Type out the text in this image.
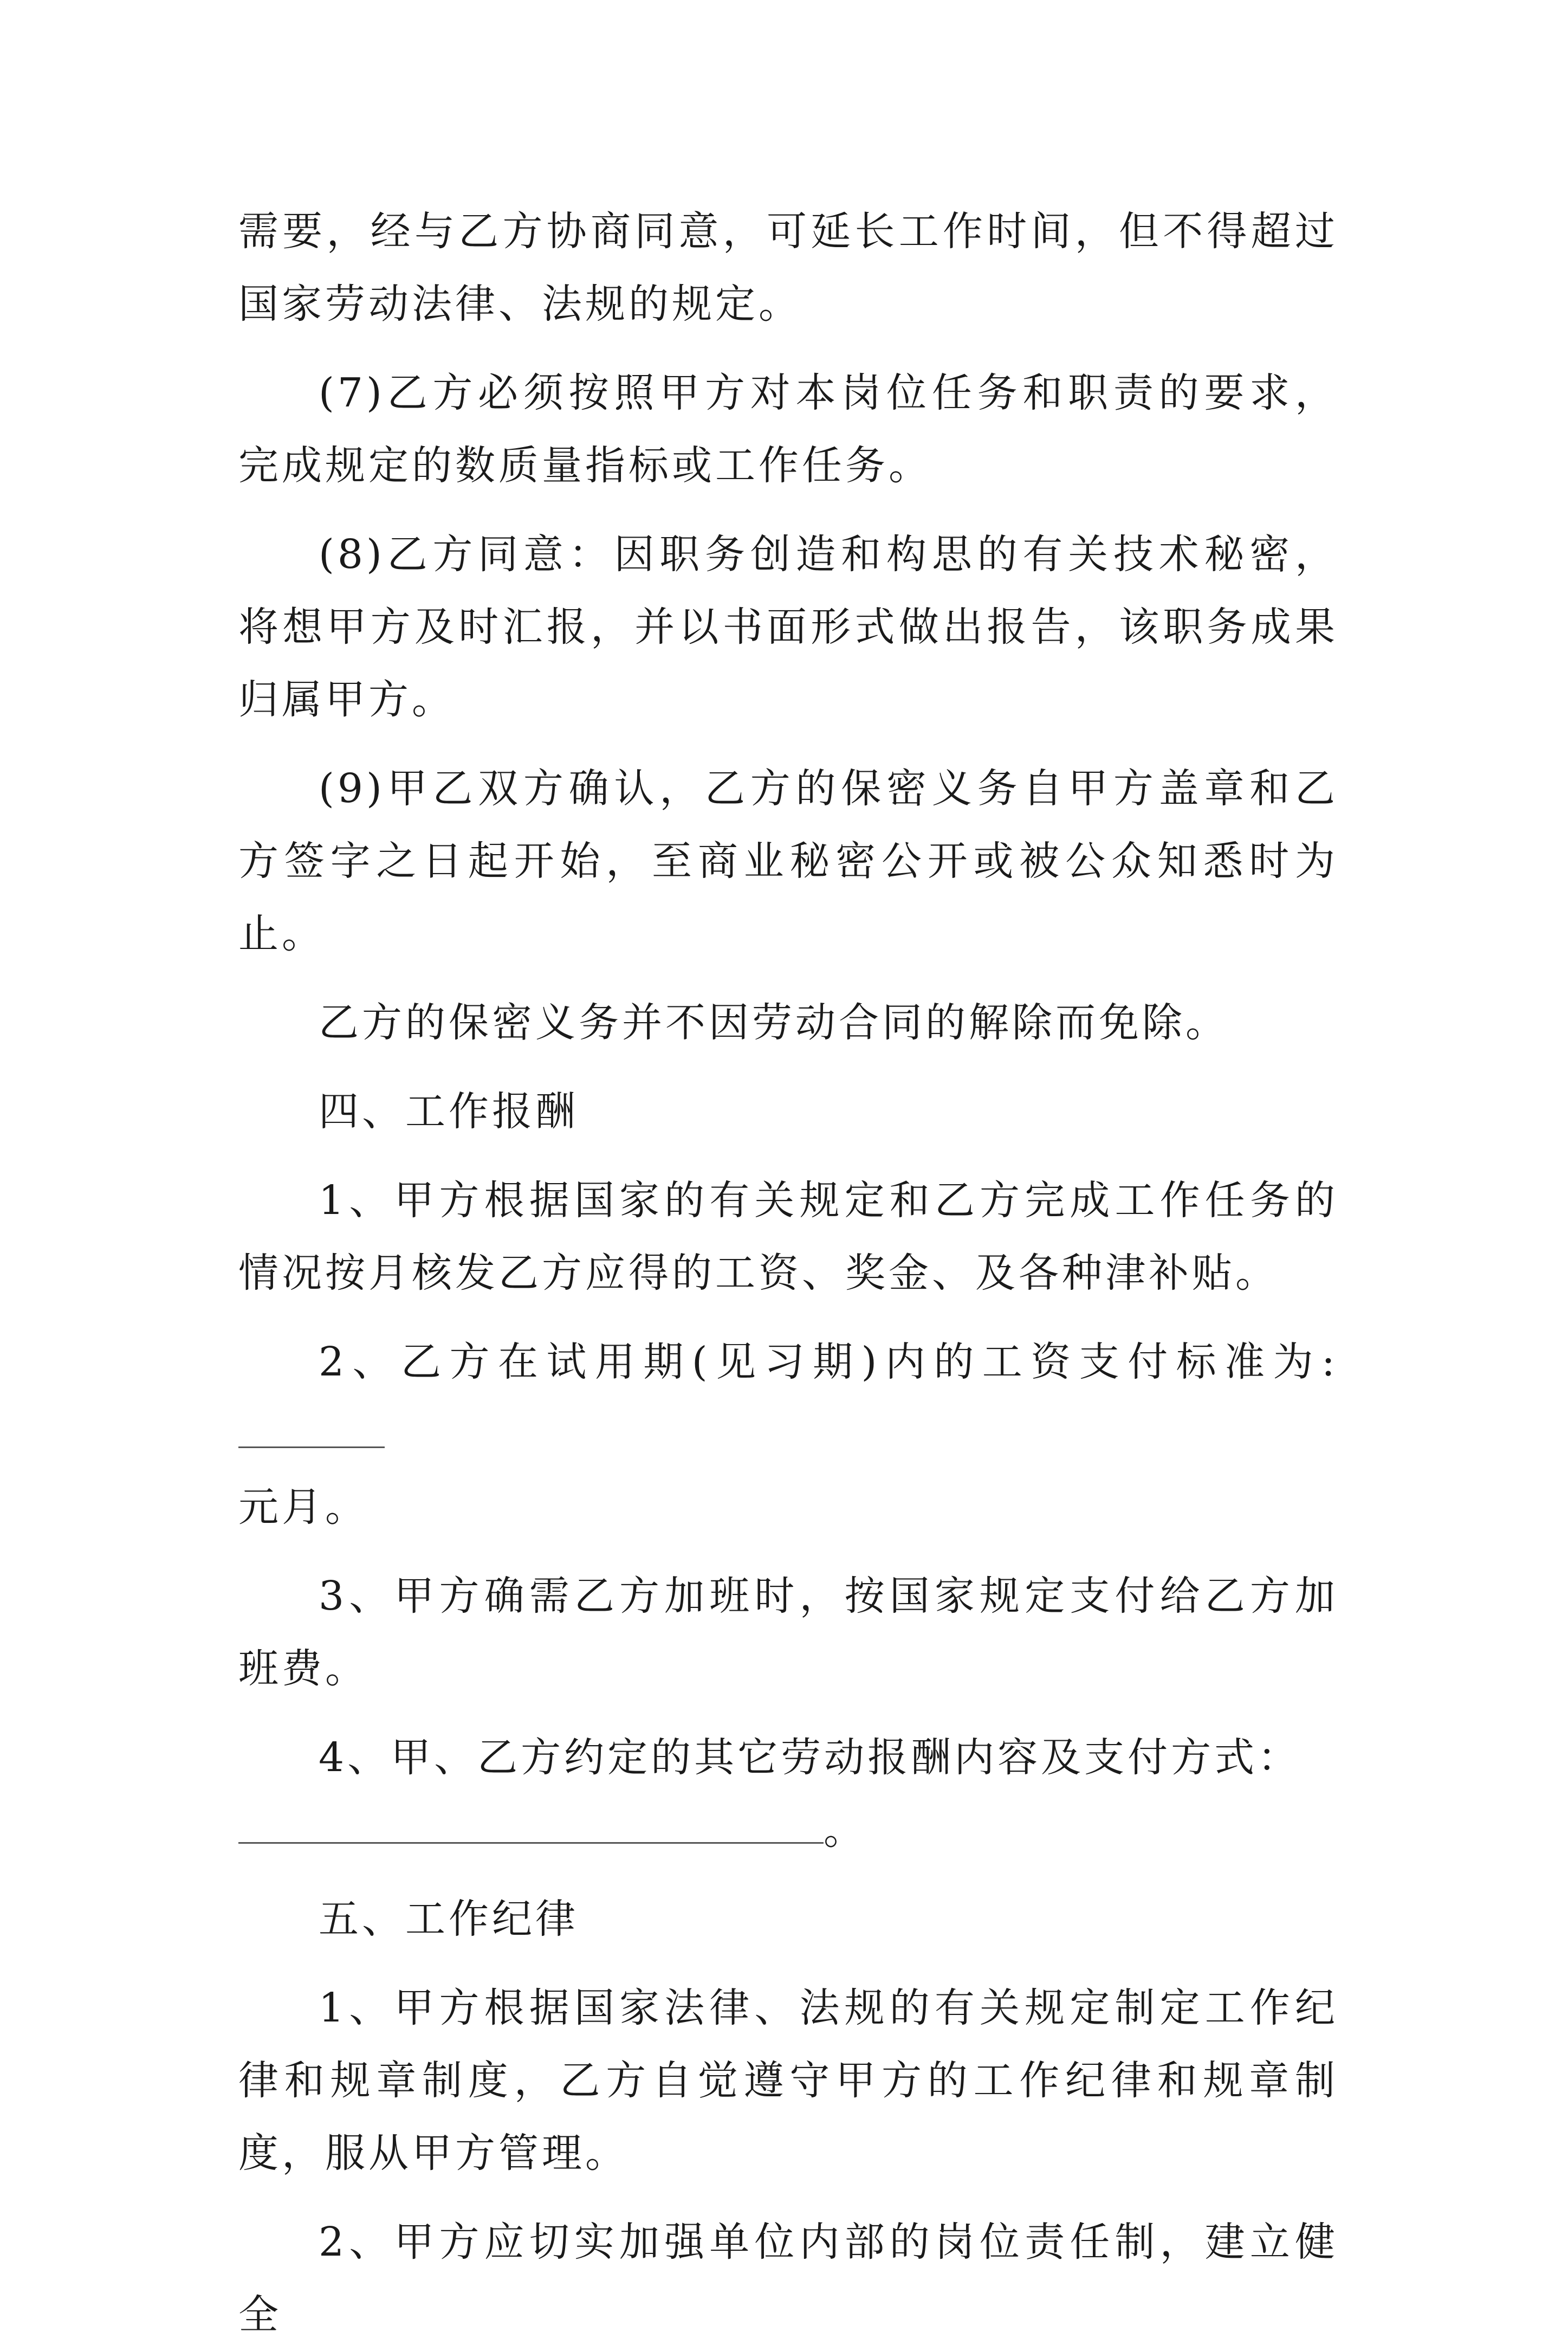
需要，经与乙方协商同意，可延长工作时间，但不得超过国家劳动法律、法规的规定。

(7)乙方必须按照甲方对本岗位任务和职责的要求，完成规定的数质量指标或工作任务。

(8)乙方同意：因职务创造和构思的有关技术秘密，将想甲方及时汇报，并以书面形式做出报告，该职务成果归属甲方。

(9)甲乙双方确认，乙方的保密义务自甲方盖章和乙方签字之日起开始，至商业秘密公开或被公众知悉时为止。

乙方的保密义务并不因劳动合同的解除而免除。

四、工作报酬

1、甲方根据国家的有关规定和乙方完成工作任务的情况按月核发乙方应得的工资、奖金、及各种津补贴。

2、乙方在试用期(见习期)内的工资支付标准为:
元月。

3、甲方确需乙方加班时，按国家规定支付给乙方加班费。

4、甲、乙方约定的其它劳动报酬内容及支付方式：

。

五、工作纪律

1、甲方根据国家法律、法规的有关规定制定工作纪律和规章制度，乙方自觉遵守甲方的工作纪律和规章制度，服从甲方管理。

2、甲方应切实加强单位内部的岗位责任制，建立健全
